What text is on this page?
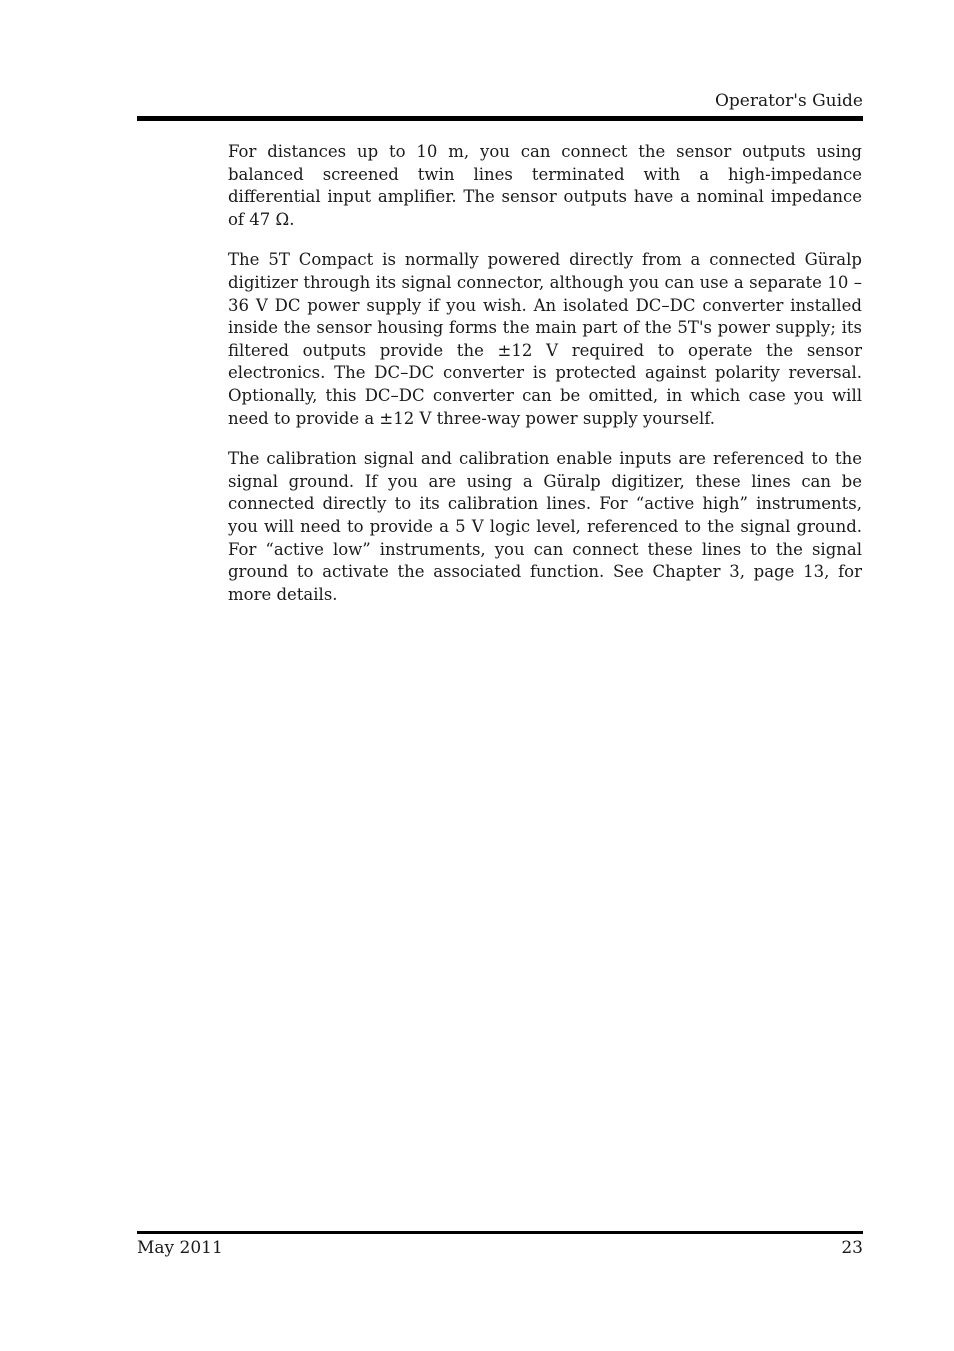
Operator's Guide

For distances up to 10 m, you can connect the sensor outputs using balanced screened twin lines terminated with a high-impedance differential input amplifier. The sensor outputs have a nominal impedance of 47 Ω.

The 5T Compact is normally powered directly from a connected Güralp digitizer through its signal connector, although you can use a separate 10 – 36 V DC power supply if you wish. An isolated DC–DC converter installed inside the sensor housing forms the main part of the 5T's power supply; its filtered outputs provide the ±12 V required to operate the sensor electronics. The DC–DC converter is protected against polarity reversal. Optionally, this DC–DC converter can be omitted, in which case you will need to provide a ±12 V three-way power supply yourself.

The calibration signal and calibration enable inputs are referenced to the signal ground. If you are using a Güralp digitizer, these lines can be connected directly to its calibration lines. For “active high” instruments, you will need to provide a 5 V logic level, referenced to the signal ground. For “active low” instruments, you can connect these lines to the signal ground to activate the associated function. See Chapter 3, page 13, for more details.

May 2011	23
